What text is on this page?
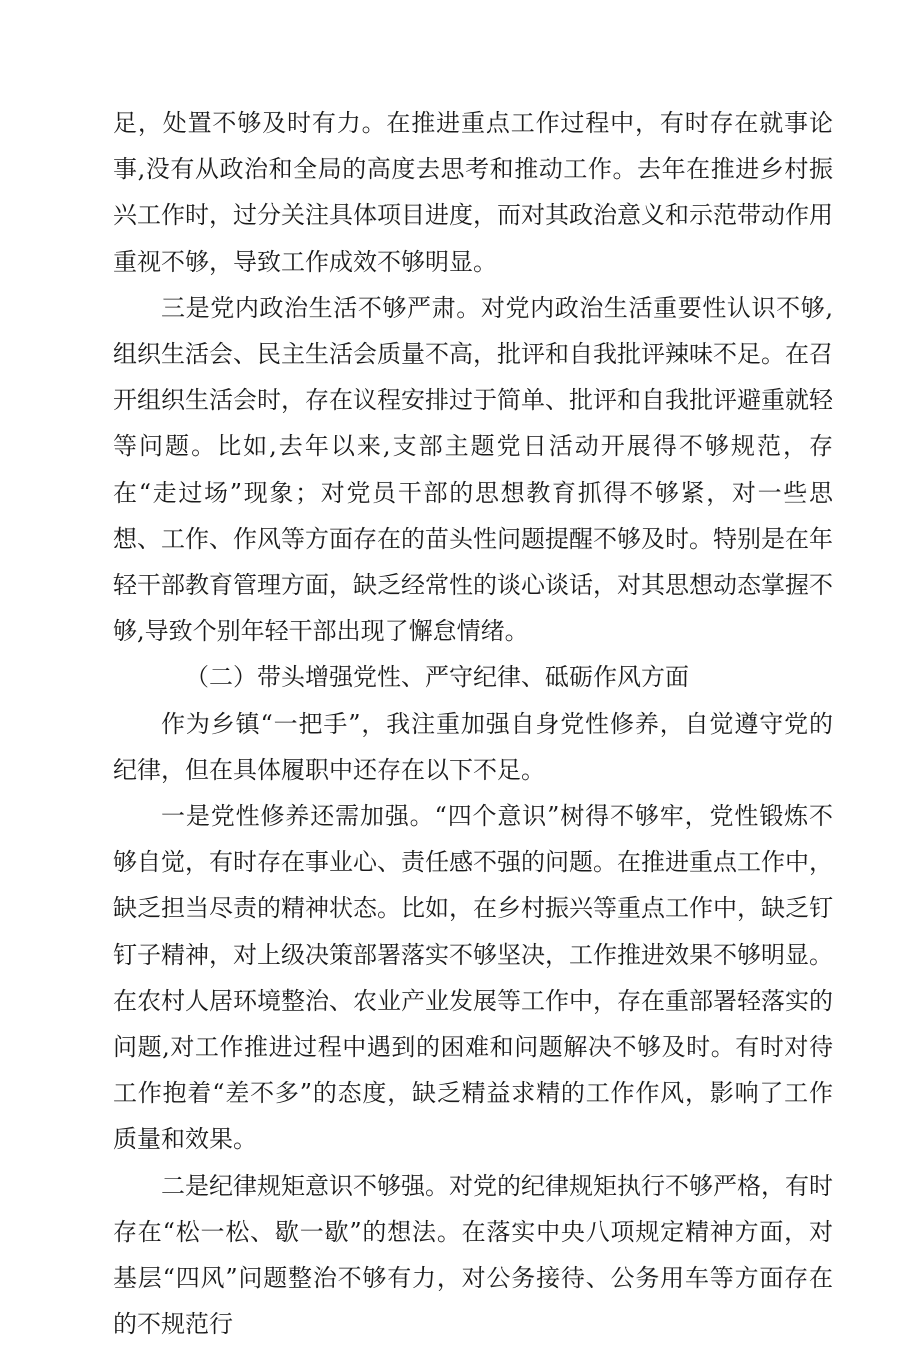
足，处置不够及时有力。在推进重点工作过程中，有时存在就事论事,没有从政治和全局的高度去思考和推动工作。去年在推进乡村振兴工作时，过分关注具体项目进度，而对其政治意义和示范带动作用重视不够，导致工作成效不够明显。

三是党内政治生活不够严肃。对党内政治生活重要性认识不够,组织生活会、民主生活会质量不高，批评和自我批评辣味不足。在召开组织生活会时，存在议程安排过于简单、批评和自我批评避重就轻等问题。比如,去年以来,支部主题党日活动开展得不够规范，存在“走过场”现象；对党员干部的思想教育抓得不够紧，对一些思想、工作、作风等方面存在的苗头性问题提醒不够及时。特别是在年轻干部教育管理方面，缺乏经常性的谈心谈话，对其思想动态掌握不够,导致个别年轻干部出现了懈怠情绪。

（二）带头增强党性、严守纪律、砥砺作风方面

作为乡镇“一把手”，我注重加强自身党性修养，自觉遵守党的纪律，但在具体履职中还存在以下不足。

一是党性修养还需加强。“四个意识”树得不够牢，党性锻炼不够自觉，有时存在事业心、责任感不强的问题。在推进重点工作中，缺乏担当尽责的精神状态。比如，在乡村振兴等重点工作中，缺乏钉钉子精神，对上级决策部署落实不够坚决，工作推进效果不够明显。在农村人居环境整治、农业产业发展等工作中，存在重部署轻落实的问题,对工作推进过程中遇到的困难和问题解决不够及时。有时对待工作抱着“差不多”的态度，缺乏精益求精的工作作风，影响了工作质量和效果。

二是纪律规矩意识不够强。对党的纪律规矩执行不够严格，有时存在“松一松、歇一歇”的想法。在落实中央八项规定精神方面，对基层“四风”问题整治不够有力，对公务接待、公务用车等方面存在的不规范行
